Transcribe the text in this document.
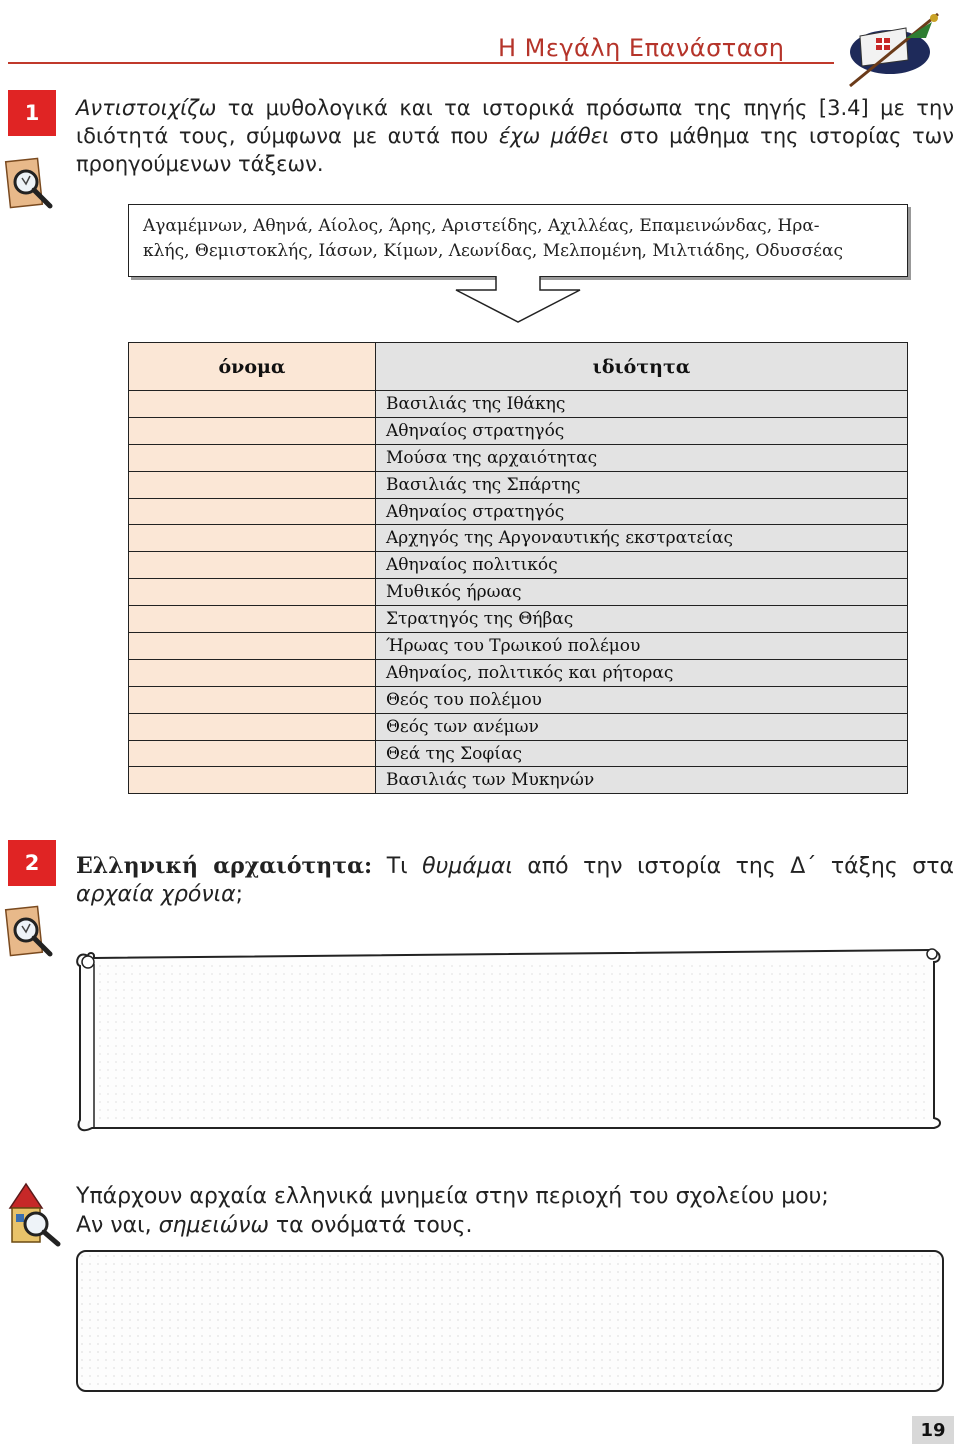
Η Μεγάλη Επανάσταση
1	Αντιστοιχίζω τα μυθολογικά και τα ιστορικά πρόσωπα της πηγής [3.4] με την ιδιότητά τους, σύμφωνα με αυτά που έχω μάθει στο μάθημα της ιστορίας των προηγούμενων τάξεων.

Αγαμέμνων, Αθηνά, Αίολος, Άρης, Αριστείδης, Αχιλλέας, Επαμεινώνδας, Ηρα-
κλής, Θεμιστοκλής, Ιάσων, Κίμων, Λεωνίδας, Μελπομένη, Μιλτιάδης, Οδυσσέας
όνομα	ιδιότητα
	Βασιλιάς της Ιθάκης
	Αθηναίος στρατηγός
	Μούσα της αρχαιότητας
	Βασιλιάς της Σπάρτης
	Αθηναίος στρατηγός
	Αρχηγός της Αργοναυτικής εκστρατείας
	Αθηναίος πολιτικός
	Μυθικός ήρωας
	Στρατηγός της Θήβας
	Ήρωας του Τρωικού πολέμου
	Αθηναίος, πολιτικός και ρήτορας
	Θεός του πολέμου
	Θεός των ανέμων
	Θεά της Σοφίας
	Βασιλιάς των Μυκηνών
2	Ελληνική αρχαιότητα: Τι θυμάμαι από την ιστορία της Δ΄ τάξης στα αρχαία χρόνια;

Υπάρχουν αρχαία ελληνικά μνημεία στην περιοχή του σχολείου μου;
Αν ναι, σημειώνω τα ονόματά τους.
19
